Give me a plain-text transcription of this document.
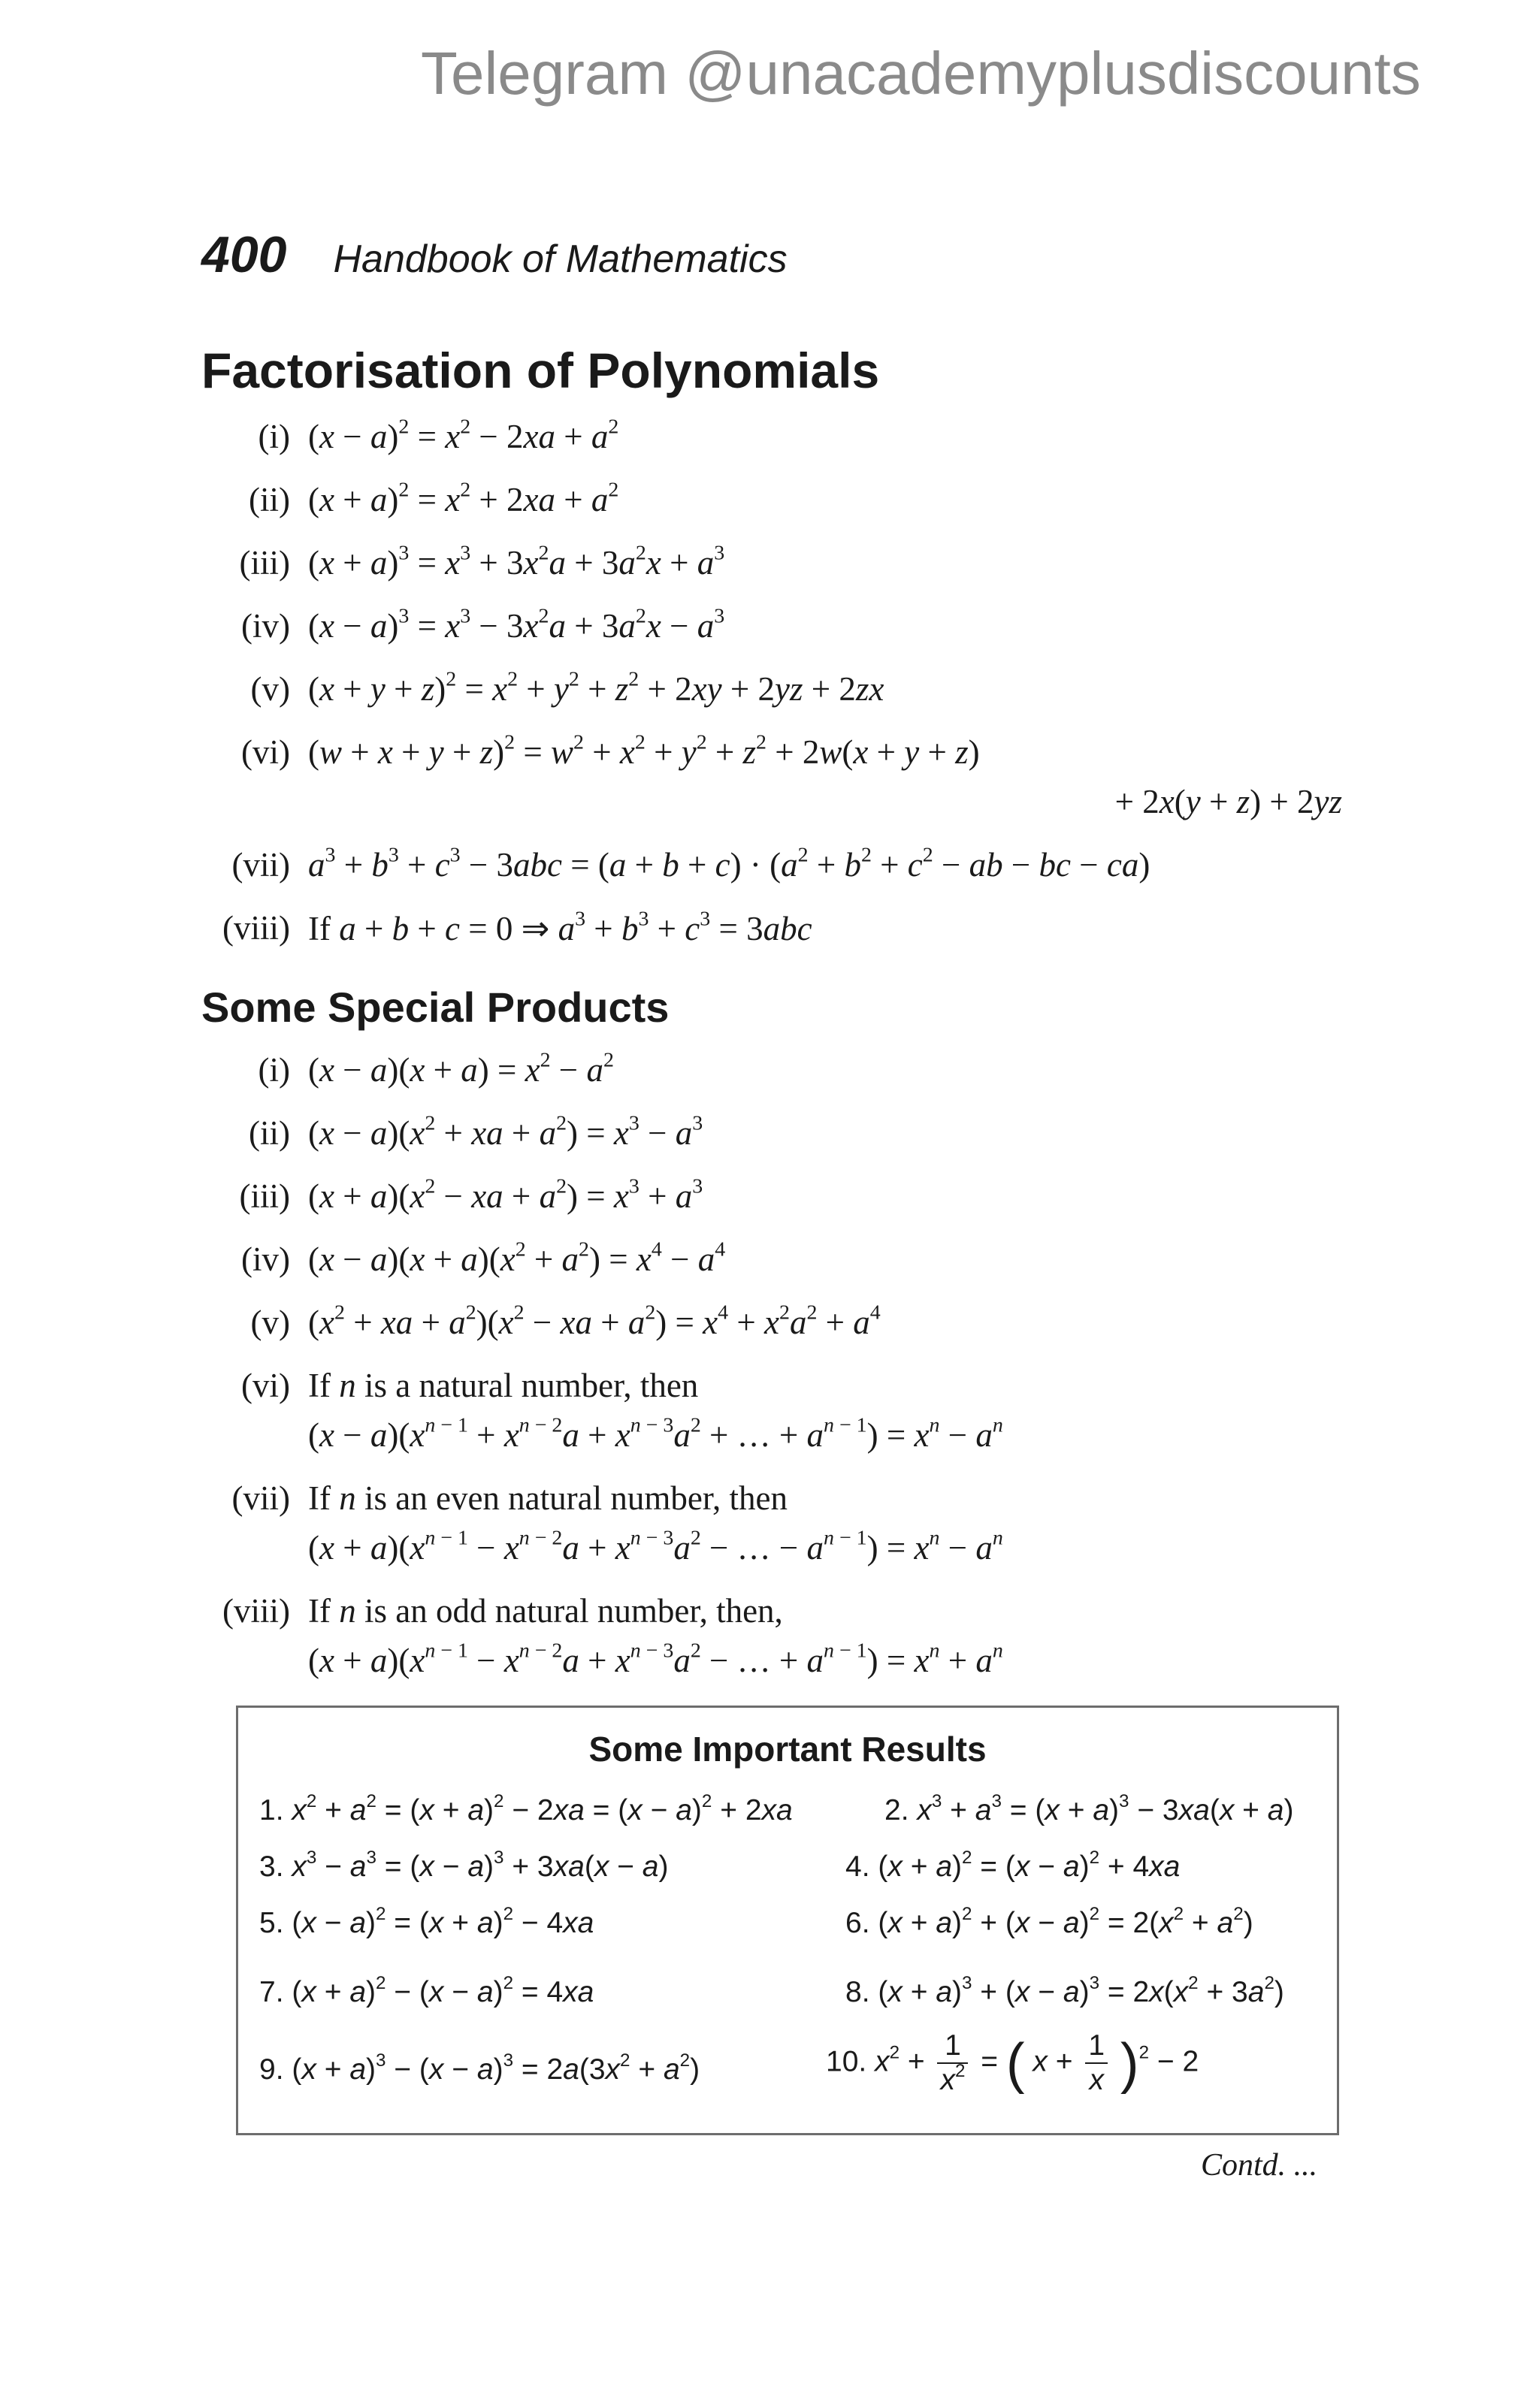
Telegram @unacademyplusdiscounts
400 Handbook of Mathematics
Factorisation of Polynomials
(i) $(x - a)^2 = x^2 - 2xa + a^2$
(ii) $(x + a)^2 = x^2 + 2xa + a^2$
(iii) $(x + a)^3 = x^3 + 3x^2a + 3a^2x + a^3$
(iv) $(x - a)^3 = x^3 - 3x^2a + 3a^2x - a^3$
(v) $(x + y + z)^2 = x^2 + y^2 + z^2 + 2xy + 2yz + 2zx$
(vi) $(w + x + y + z)^2 = w^2 + x^2 + y^2 + z^2 + 2w(x + y + z)$
+ 2x(y + z) + 2yz
(vii) $a^3 + b^3 + c^3 - 3abc = (a + b + c) \cdot (a^2 + b^2 + c^2$ − ab − bc − ca)
(viii) If a + b + c = 0 ⇒ $a^3 + b^3 + c^3 = 3abc$
Some Special Products
(i) $(x - a)(x + a) = x^2 - a^2$
(ii) $(x - a)(x^2$ + xa + $a^2) = x^3 - a^3$
(iii) $(x + a)(x^2$ − xa + $a^2) = x^3 + a^3$
(iv) $(x - a)(x + a)(x^2 + a^2) = x^4 - a^4$
(v) ($x^2$ + xa + $a^2)(x^2$ − xa + $a^2) = x^4 + x^2a^2 + a^4$
(vi) If n is a natural number, then
$(x - a)(x^{n - 1} + x^{n - 2}a + x^{n - 3}a^2$ + … + $a^{n - 1}) = x^n - a^n$
(vii) If n is an even natural number, then
$(x + a)(x^{n - 1} - x^{n - 2}a + x^{n - 3}a^2$ − … − $a^{n - 1}) = x^n - a^n$
(viii) If n is an odd natural number, then,
$(x + a)(x^{n - 1} - x^{n - 2}a + x^{n - 3}a^2$ − … + $a^{n - 1}) = x^n + a^n$
Some Important Results
1. $x^2 + a^2 = (x + a)^2 - 2xa = (x - a)^2 + 2xa$	2. $x^3 + a^3 = (x + a)^3 - 3xa(x + a)$
3. $x^3 - a^3 = (x - a)^3 + 3xa(x - a)$	4. $(x + a)^2 = (x - a)^2 + 4xa$
5. $(x - a)^2 = (x + a)^2 - 4xa$	6. $(x + a)^2 + (x - a)^2 = 2(x^2 + a^2)$
7. $(x + a)^2 - (x - a)^2 = 4xa$	8. $(x + a)^3 + (x - a)^3 = 2x(x^2 + 3a^2)$
9. $(x + a)^3 - (x - a)^3 = 2a(3x^2 + a^2)$	10. $x^2 + \frac{1}{x^2}$ = ( $x + \frac{1}{x} )^2 - 2$
Contd. ...
